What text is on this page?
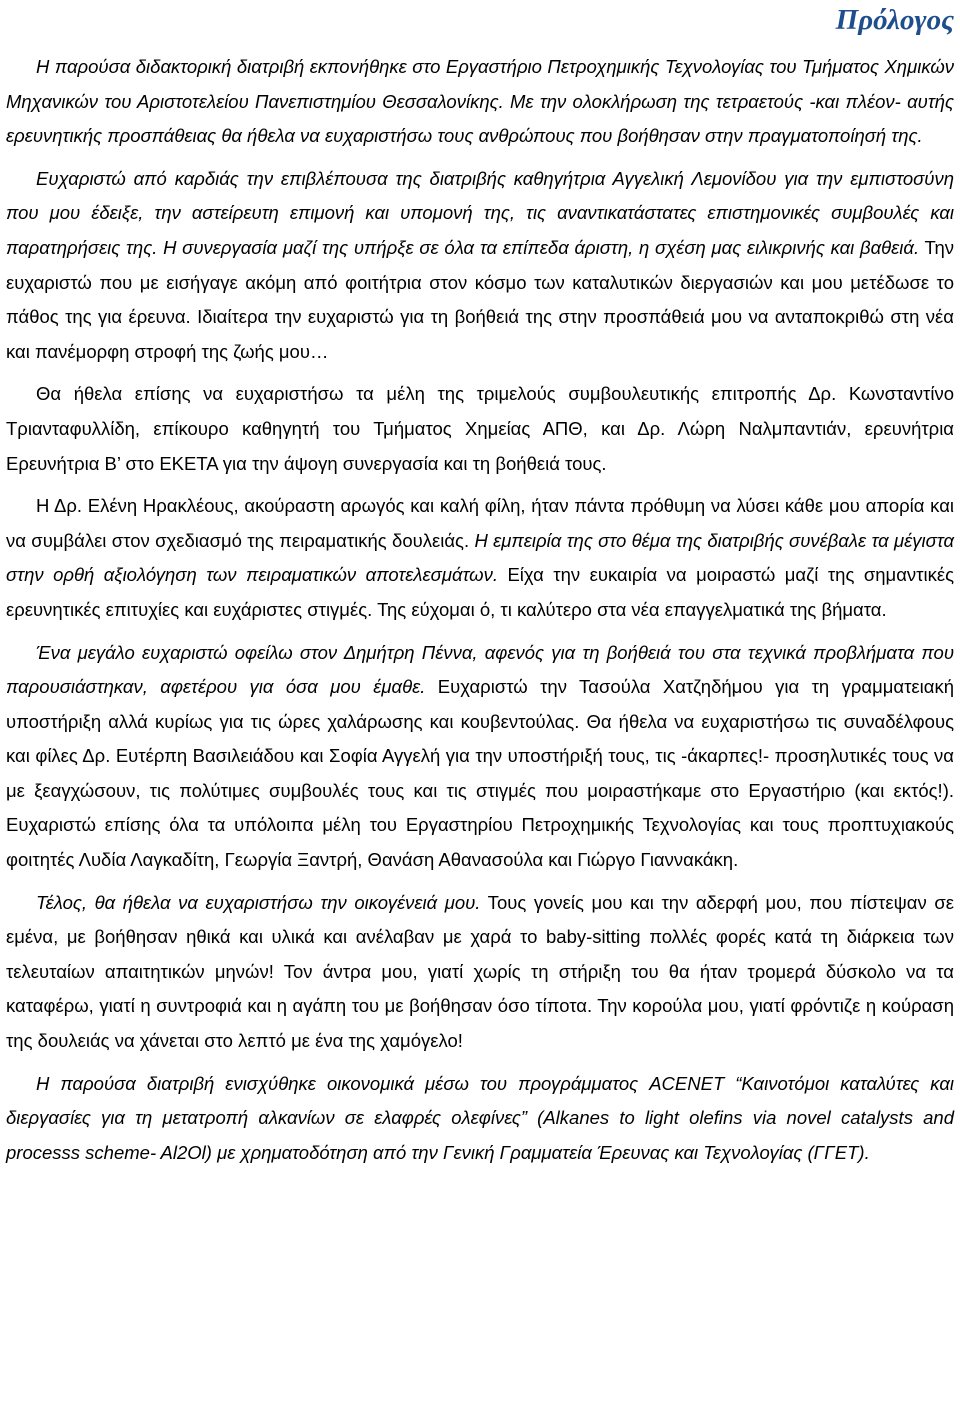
Πρόλογος

Η παρούσα διδακτορική διατριβή εκπονήθηκε στο Εργαστήριο Πετροχημικής Τεχνολογίας του Τμήματος Χημικών Μηχανικών του Αριστοτελείου Πανεπιστημίου Θεσσαλονίκης. Με την ολοκλήρωση της τετραετούς -και πλέον- αυτής ερευνητικής προσπάθειας θα ήθελα να ευχαριστήσω τους ανθρώπους που βοήθησαν στην πραγματοποίησή της.

Ευχαριστώ από καρδιάς την επιβλέπουσα της διατριβής καθηγήτρια Αγγελική Λεμονίδου για την εμπιστοσύνη που μου έδειξε, την αστείρευτη επιμονή και υπομονή της, τις αναντικατάστατες επιστημονικές συμβουλές και παρατηρήσεις της. Η συνεργασία μαζί της υπήρξε σε όλα τα επίπεδα άριστη, η σχέση μας ειλικρινής και βαθειά. Την ευχαριστώ που με εισήγαγε ακόμη από φοιτήτρια στον κόσμο των καταλυτικών διεργασιών και μου μετέδωσε το πάθος της για έρευνα. Ιδιαίτερα την ευχαριστώ για τη βοήθειά της στην προσπάθειά μου να ανταποκριθώ στη νέα και πανέμορφη στροφή της ζωής μου…

Θα ήθελα επίσης να ευχαριστήσω τα μέλη της τριμελούς συμβουλευτικής επιτροπής Δρ. Κωνσταντίνο Τριανταφυλλίδη, επίκουρο καθηγητή του Τμήματος Χημείας ΑΠΘ, και Δρ. Λώρη Ναλμπαντιάν, ερευνήτρια Ερευνήτρια Β’ στο ΕΚΕΤΑ για την άψογη συνεργασία και τη βοήθειά τους.

Η Δρ. Ελένη Ηρακλέους, ακούραστη αρωγός και καλή φίλη, ήταν πάντα πρόθυμη να λύσει κάθε μου απορία και να συμβάλει στον σχεδιασμό της πειραματικής δουλειάς. Η εμπειρία της στο θέμα της διατριβής συνέβαλε τα μέγιστα στην ορθή αξιολόγηση των πειραματικών αποτελεσμάτων. Είχα την ευκαιρία να μοιραστώ μαζί της σημαντικές ερευνητικές επιτυχίες και ευχάριστες στιγμές. Της εύχομαι ό, τι καλύτερο στα νέα επαγγελματικά της βήματα.

Ένα μεγάλο ευχαριστώ οφείλω στον Δημήτρη Πέννα, αφενός για τη βοήθειά του στα τεχνικά προβλήματα που παρουσιάστηκαν, αφετέρου για όσα μου έμαθε. Ευχαριστώ την Τασούλα Χατζηδήμου για τη γραμματειακή υποστήριξη αλλά κυρίως για τις ώρες χαλάρωσης και κουβεντούλας. Θα ήθελα να ευχαριστήσω τις συναδέλφους και φίλες Δρ. Ευτέρπη Βασιλειάδου και Σοφία Αγγελή για την υποστήριξή τους, τις -άκαρπες!- προσηλυτικές τους να με ξεαγχώσουν, τις πολύτιμες συμβουλές τους και τις στιγμές που μοιραστήκαμε στο Εργαστήριο (και εκτός!). Ευχαριστώ επίσης όλα τα υπόλοιπα μέλη του Εργαστηρίου Πετροχημικής Τεχνολογίας και τους προπτυχιακούς φοιτητές Λυδία Λαγκαδίτη, Γεωργία Ξαντρή, Θανάση Αθανασούλα και Γιώργο Γιαννακάκη.

Τέλος, θα ήθελα να ευχαριστήσω την οικογένειά μου. Τους γονείς μου και την αδερφή μου, που πίστεψαν σε εμένα, με βοήθησαν ηθικά και υλικά και ανέλαβαν με χαρά το baby-sitting πολλές φορές κατά τη διάρκεια των τελευταίων απαιτητικών μηνών! Τον άντρα μου, γιατί χωρίς τη στήριξη του θα ήταν τρομερά δύσκολο να τα καταφέρω, γιατί η συντροφιά και η αγάπη του με βοήθησαν όσο τίποτα. Την κορούλα μου, γιατί φρόντιζε η κούραση της δουλειάς να χάνεται στο λεπτό με ένα της χαμόγελο!

Η παρούσα διατριβή ενισχύθηκε οικονομικά μέσω του προγράμματος ACENET “Καινοτόμοι καταλύτες και διεργασίες για τη μετατροπή αλκανίων σε ελαφρές ολεφίνες” (Alkanes to light olefins via novel catalysts and processs scheme- Al2Ol) με χρηματοδότηση από την Γενική Γραμματεία Έρευνας και Τεχνολογίας (ΓΓΕΤ).
